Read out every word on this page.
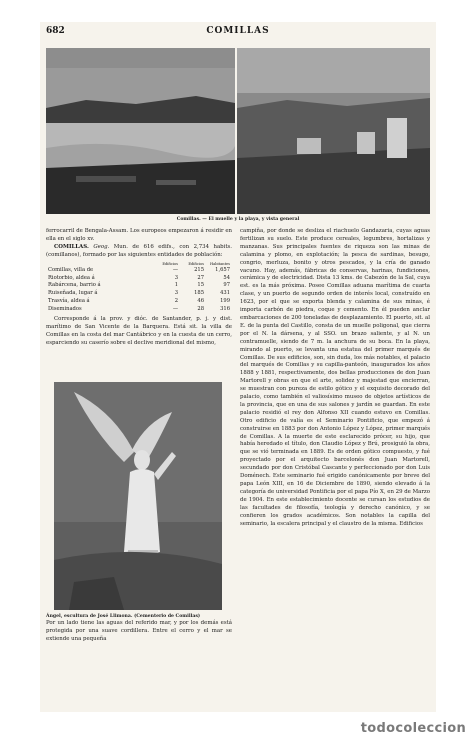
682	COMILLAS
Comillas. — El muelle y la playa, y vista general

ferrocarril de Bengala-Assam. Los europeos empezaron á residir en ella en el siglo xv.

COMILLAS. Geog. Mun. de 616 edifs., con 2,734 habits. (comillanos), formado por las siguientes entidades de población:

	Edificios	Edificios	Habitantes
Comillas, villa de	—	215	1,657
Riotorbio, aldea á	3	27	54
Rabárcena, barrio á	1	15	97
Ruiseñada, lugar á	3	185	431
Trasvía, aldea á	2	46	199
Diseminados	—	28	316

Corresponde á la prov. y dióc. de Santander, p. j. y dist. marítimo de San Vicente de la Barquera. Está sit. la villa de Comillas en la costa del mar Cantábrico y en la cuesta de un cerro, esparciendo su caserío sobre el declive meridional del mismo,

Ángel, escultura de José Llimona. (Cementerio de Comillas)

Por un lado tiene las aguas del referido mar, y por los demás está protegida por una suave cordillera. Entre el cerro y el mar se extiende una pequeña

campiña, por donde se desliza el riachuelo Gandazaria, cuyas aguas fertilizan su suelo. Este produce cereales, legumbres, hortalizas y manzanas. Sus principales fuentes de riqueza son las minas de calamina y plomo, en explotación; la pesca de sardinas, besugo, congrio, merluza, bonito y otros pescados, y la cría de ganado vacuno. Hay, además, fábricas de conservas, harinas, fundiciones, cerámica y de electricidad. Dista 13 kms. de Cabezón de la Sal, cuya est. es la más próxima. Posee Comillas aduana marítima de cuarta clase, y un puerto de segundo orden de interés local, construído en 1623, por el que se exporta blenda y calamina de sus minas, é importa carbón de piedra, coque y cemento. En él pueden anclar embarcaciones de 200 toneladas de desplazamiento. El puerto, sit. al E. de la punta del Castillo, consta de un muelle poligonal, que cierra por el N. la dársena, y al SSO. un brazo saliente, y al N. un contramuelle, siendo de 7 m. la anchura de su boca. En la playa, mirando al puerto, se levanta una estatua del primer marqués de Comillas. De sus edificios, son, sin duda, los más notables, el palacio del marqués de Comillas y su capilla-panteón, inaugurados los años 1888 y 1881, respectivamente, dos bellas producciones de don Juan Martorell y obras en que el arte, solidez y majestad que encierran, se muestran con pureza de estilo gótico y el exquisito decorado del palacio, como también el valiosísimo museo de objetos artísticos de la provincia, que en una de sus salones y jardín se guardan. En este palacio residió el rey don Alfonso XII cuando estuvo en Comillas. Otro edificio de valía es el Seminario Pontificio, que empezó á construirse en 1883 por don Antonio López y López, primer marqués de Comillas. A la muerte de este esclarecido prócer, su hijo, que había heredado el título, don Claudio López y Brú, prosiguió la obra, que se vió terminada en 1889. Es de orden gótico compuesto, y fué proyectado por el arquitecto barcelonés don Juan Martorell, secundado por don Cristóbal Cascante y perfeccionado por don Luis Doménech. Este seminario fué erigido canónicamente por breve del papa León XIII, en 16 de Diciembre de 1890, siendo elevado á la categoría de universidad Pontificia por el papa Pío X, en 29 de Marzo de 1904. En este establecimiento docente se cursan los estudios de las facultades de filosofía, teología y derecho canónico, y se confieren los grados académicos. Son notables la capilla del seminario, la escalera principal y el claustro de la misma. Edificios

todocoleccion
